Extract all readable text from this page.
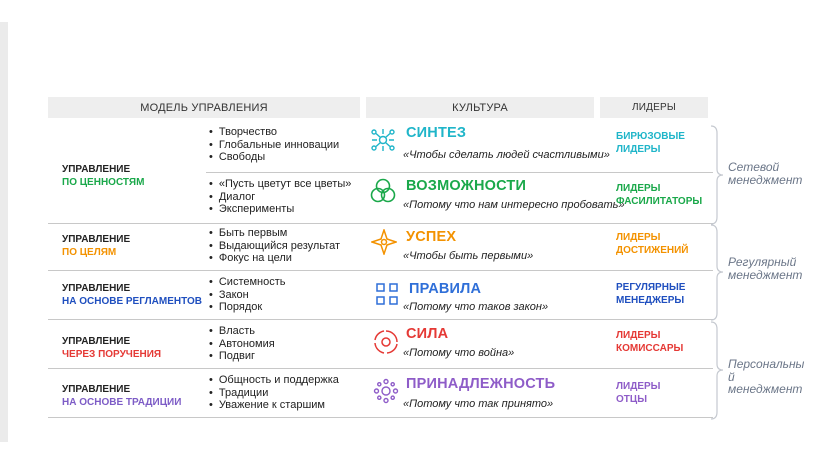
МОДЕЛЬ УПРАВЛЕНИЯ	КУЛЬТУРА	ЛИДЕРЫ
УПРАВЛЕНИЕ
ПО ЦЕННОСТЯМ
• Творчество
• Глобальные инновации
• Свободы
• «Пусть цветут все цветы»
• Диалог
• Эксперименты
УПРАВЛЕНИЕ
ПО ЦЕЛЯМ
• Быть первым
• Выдающийся результат
• Фокус на цели
УПРАВЛЕНИЕ
НА ОСНОВЕ РЕГЛАМЕНТОВ
• Системность
• Закон
• Порядок
УПРАВЛЕНИЕ
ЧЕРЕЗ ПОРУЧЕНИЯ
• Власть
• Автономия
• Подвиг
УПРАВЛЕНИЕ
НА ОСНОВЕ ТРАДИЦИИ
• Общность и поддержка
• Традиции
• Уважение к старшим
СИНТЕЗ
«Чтобы сделать людей счастливыми»
ВОЗМОЖНОСТИ
«Потому что нам интересно пробовать»
УСПЕХ
«Чтобы быть первыми»
ПРАВИЛА
«Потому что таков закон»
СИЛА
«Потому что война»
ПРИНАДЛЕЖНОСТЬ
«Потому что так принято»
БИРЮЗОВЫЕ
ЛИДЕРЫ
ЛИДЕРЫ
ФАСИЛИТАТОРЫ
ЛИДЕРЫ
ДОСТИЖЕНИЙ
РЕГУЛЯРНЫЕ
МЕНЕДЖЕРЫ
ЛИДЕРЫ
КОМИССАРЫ
ЛИДЕРЫ
ОТЦЫ
Сетевой
менеджмент
Регулярный
менеджмент
Персональны
й
менеджмент
